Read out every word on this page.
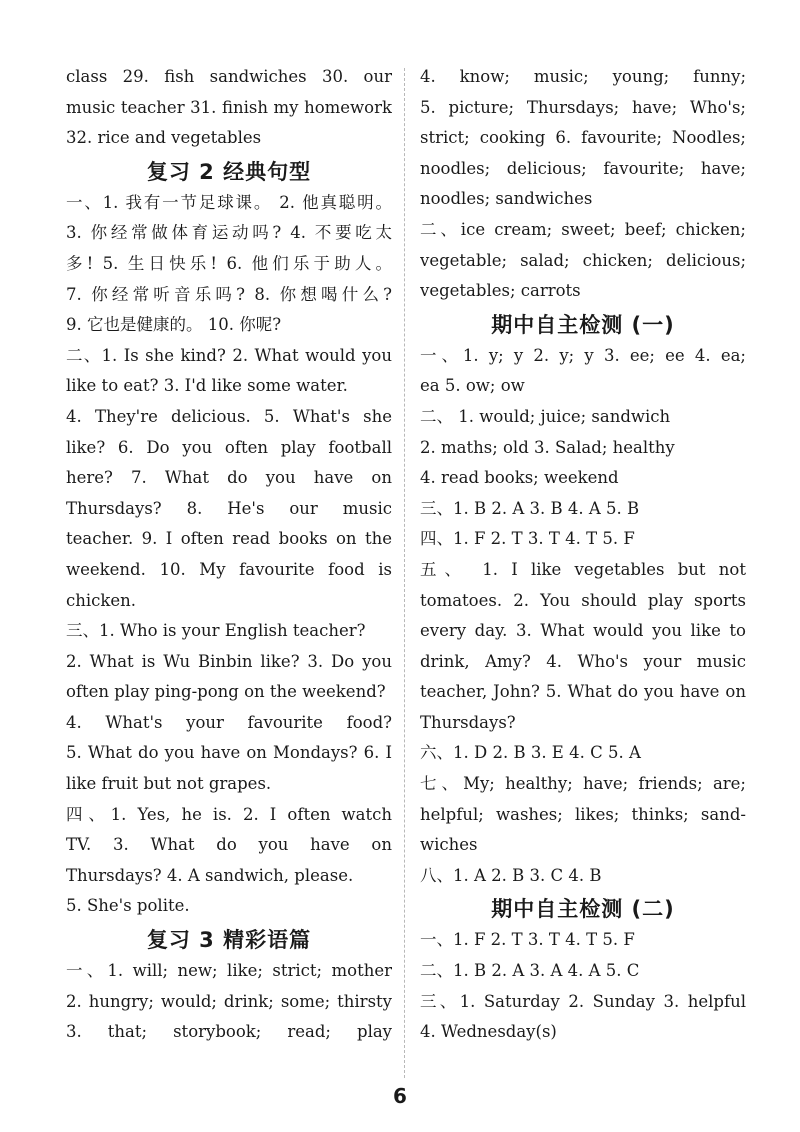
class 29. fish sandwiches 30. our
music teacher 31. finish my homework
32. rice and vegetables
复习 2 经典句型
一、1. 我有一节足球课。 2. 他真聪明。
3. 你经常做体育运动吗? 4. 不要吃太
多! 5. 生日快乐! 6. 他们乐于助人。
7. 你经常听音乐吗? 8. 你想喝什么?
9. 它也是健康的。 10. 你呢?
二、1. Is she kind? 2. What would you
like to eat? 3. I'd like some water.
4. They're delicious. 5. What's she
like? 6. Do you often play football
here? 7. What do you have on
Thursdays? 8. He's our music
teacher. 9. I often read books on the
weekend. 10. My favourite food is
chicken.
三、1. Who is your English teacher?
2. What is Wu Binbin like? 3. Do you
often play ping-pong on the weekend?
4. What's your favourite food?
5. What do you have on Mondays? 6. I
like fruit but not grapes.
四、1. Yes, he is. 2. I often watch
TV. 3. What do you have on
Thursdays? 4. A sandwich, please.
5. She's polite.
复习 3 精彩语篇
一、1. will; new; like; strict; mother
2. hungry; would; drink; some; thirsty
3. that; storybook; read; play
4. know; music; young; funny;
5. picture; Thursdays; have; Who's;
strict; cooking 6. favourite; Noodles;
noodles; delicious; favourite; have;
noodles; sandwiches
二、ice cream; sweet; beef; chicken;
vegetable; salad; chicken; delicious;
vegetables; carrots
期中自主检测 (一)
一、1. y; y 2. y; y 3. ee; ee 4. ea;
ea 5. ow; ow
二、 1. would; juice; sandwich
2. maths; old 3. Salad; healthy
4. read books; weekend
三、1. B 2. A 3. B 4. A 5. B
四、1. F 2. T 3. T 4. T 5. F
五、 1. I like vegetables but not
tomatoes. 2. You should play sports
every day. 3. What would you like to
drink, Amy? 4. Who's your music
teacher, John? 5. What do you have on
Thursdays?
六、1. D 2. B 3. E 4. C 5. A
七、My; healthy; have; friends; are;
helpful; washes; likes; thinks; sand-
wiches
八、1. A 2. B 3. C 4. B
期中自主检测 (二)
一、1. F 2. T 3. T 4. T 5. F
二、1. B 2. A 3. A 4. A 5. C
三、1. Saturday 2. Sunday 3. helpful
4. Wednesday(s)
6
